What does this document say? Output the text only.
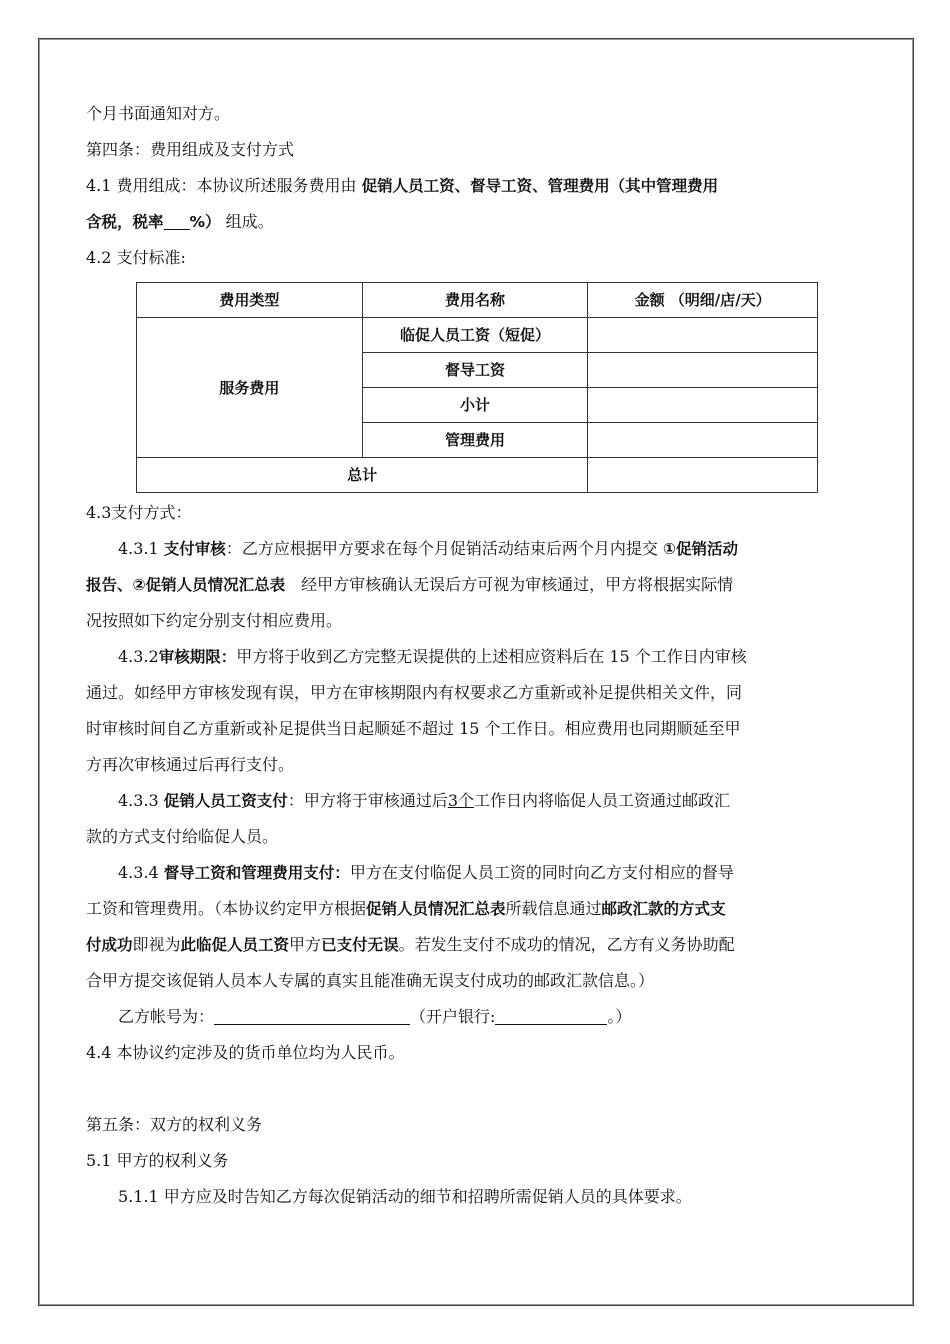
个月书面通知对方。
第四条：费用组成及支付方式
4.1 费用组成：本协议所述服务费用由 促销人员工资、督导工资、管理费用（其中管理费用
含税，税率 %） 组成。
4.2 支付标准:
费用类型	费用名称	金额 （明细/店/天）
服务费用	临促人员工资（短促）	
	督导工资	
	小计	
	管理费用	
总计		
4.3支付方式：
4.3.1 支付审核：乙方应根据甲方要求在每个月促销活动结束后两个月内提交 ①促销活动
报告、②促销人员情况汇总表　经甲方审核确认无误后方可视为审核通过，甲方将根据实际情
况按照如下约定分别支付相应费用。
4.3.2审核期限：甲方将于收到乙方完整无误提供的上述相应资料后在 15 个工作日内审核
通过。如经甲方审核发现有误，甲方在审核期限内有权要求乙方重新或补足提供相关文件，同
时审核时间自乙方重新或补足提供当日起顺延不超过 15 个工作日。相应费用也同期顺延至甲
方再次审核通过后再行支付。
4.3.3 促销人员工资支付：甲方将于审核通过后3个工作日内将临促人员工资通过邮政汇
款的方式支付给临促人员。
4.3.4 督导工资和管理费用支付：甲方在支付临促人员工资的同时向乙方支付相应的督导
工资和管理费用。（本协议约定甲方根据促销人员情况汇总表所载信息通过邮政汇款的方式支
付成功即视为此临促人员工资甲方已支付无误。若发生支付不成功的情况，乙方有义务协助配
合甲方提交该促销人员本人专属的真实且能准确无误支付成功的邮政汇款信息。）
乙方帐号为：	（开户银行:	。）
4.4 本协议约定涉及的货币单位均为人民币。
第五条：双方的权利义务
5.1 甲方的权利义务
5.1.1 甲方应及时告知乙方每次促销活动的细节和招聘所需促销人员的具体要求。
